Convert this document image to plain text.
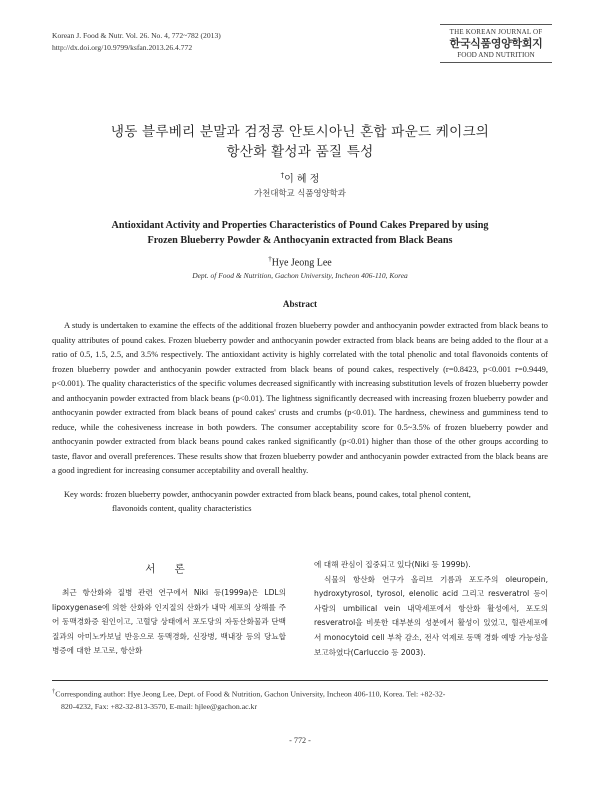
Korean J. Food & Nutr. Vol. 26. No. 4, 772~782 (2013)
http://dx.doi.org/10.9799/ksfan.2013.26.4.772
THE KOREAN JOURNAL OF
한국식품영양학회지
FOOD AND NUTRITION
냉동 블루베리 분말과 검정콩 안토시아닌 혼합 파운드 케이크의
항산화 활성과 품질 특성
†이 혜 정
가천대학교 식품영양학과
Antioxidant Activity and Properties Characteristics of Pound Cakes Prepared by using
Frozen Blueberry Powder & Anthocyanin extracted from Black Beans
†Hye Jeong Lee
Dept. of Food & Nutrition, Gachon University, Incheon 406-110, Korea
Abstract

A study is undertaken to examine the effects of the additional frozen blueberry powder and anthocyanin powder extracted from black beans to quality attributes of pound cakes. Frozen blueberry powder and anthocyanin powder extracted from black beans are being added to the flour at a ratio of 0.5, 1.5, 2.5, and 3.5% respectively. The antioxidant activity is highly correlated with the total phenolic and total flavonoids contents of frozen blueberry powder and anthocyanin powder extracted from black beans of pound cakes, respectively (r=0.8423, p<0.001 r=0.9449, p<0.001). The quality characteristics of the specific volumes decreased significantly with increasing substitution levels of frozen blueberry powder and anthocyanin powder extracted from black beans (p<0.01). The lightness significantly decreased with increasing frozen blueberry powder and anthocyanin powder extracted from black beans of pound cakes' crusts and crumbs (p<0.01). The hardness, chewiness and gumminess tend to reduce, while the cohesiveness increase in both powders. The consumer acceptability score for 0.5~3.5% of frozen blueberry powder and anthocyanin powder extracted from black beans pound cakes ranked significantly (p<0.01) higher than those of the other groups according to taste, flavor and overall preferences. These results show that frozen blueberry powder and anthocyanin powder extracted from the black beans are a good ingredient for increasing consumer acceptability and overall healthy.

Key words: frozen blueberry powder, anthocyanin powder extracted from black beans, pound cakes, total phenol content,
flavonoids content, quality characteristics
서 론

최근 항산화와 질병 관련 연구에서 Niki 등(1999a)은 LDL의 lipoxygenase에 의한 산화와 인지질의 산화가 내막 세포의 상해를 주어 동맥경화증 원인이고, 고혈당 상태에서 포도당의 자동산화물과 단백질과의 아미노카보닐 반응으로 동맥경화, 신장병, 백내장 등의 당뇨합병증에 대한 보고로, 항산화

에 대해 관심이 집중되고 있다(Niki 등 1999b).

식물의 항산화 연구가 올리브 기름과 포도주의 oleuropein, hydroxytyrosol, tyrosol, elenolic acid 그리고 resveratrol 등이 사람의 umbilical vein 내막세포에서 항산화 활성에서, 포도의 resveratrol을 비롯한 대부분의 성분에서 활성이 있었고, 혈관세포에서 monocytoid cell 부착 감소, 전사 억제로 동맥 경화 예방 가능성을 보고하였다(Carluccio 등 2003).

†Corresponding author: Hye Jeong Lee, Dept. of Food & Nutrition, Gachon University, Incheon 406-110, Korea. Tel: +82-32-
820-4232, Fax: +82-32-813-3570, E-mail: hjlee@gachon.ac.kr
- 772 -
